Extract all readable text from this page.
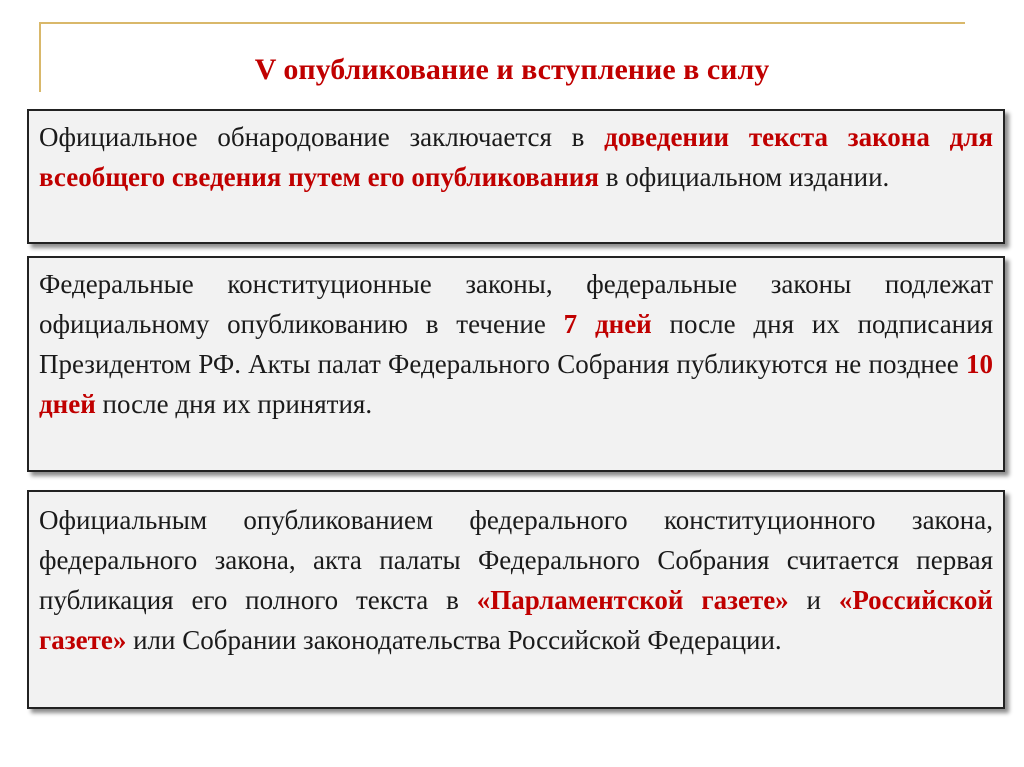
V опубликование и вступление в силу
Официальное обнародование заключается в доведении текста закона для всеобщего сведения путем его опубликования в официальном издании.
Федеральные конституционные законы, федеральные законы подлежат официальному опубликованию в течение 7 дней после дня их подписания Президентом РФ. Акты палат Федерального Собрания публикуются не позднее 10 дней после дня их принятия.
Официальным опубликованием федерального конституционного закона, федерального закона, акта палаты Федерального Собрания считается первая публикация его полного текста в «Парламентской газете» и «Российской газете» или Собрании законодательства Российской Федерации.
